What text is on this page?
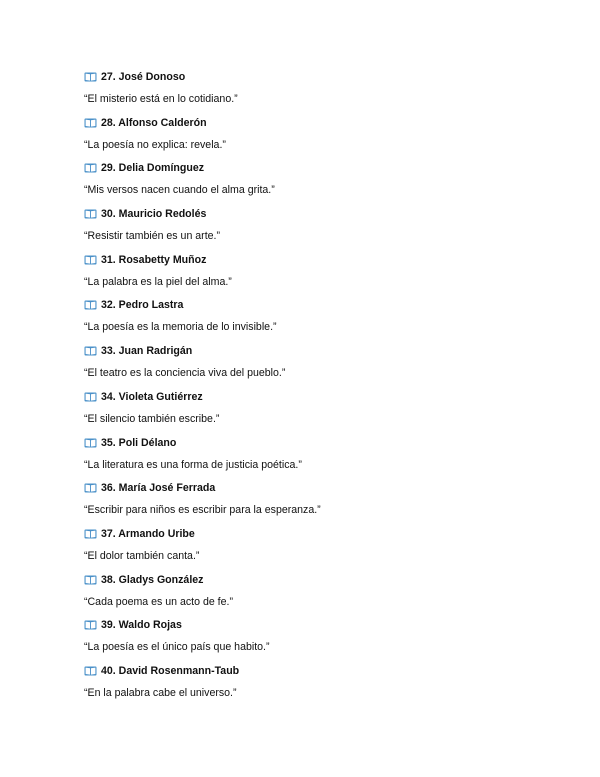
27. José Donoso
“El misterio está en lo cotidiano.”
28. Alfonso Calderón
“La poesía no explica: revela.”
29. Delia Domínguez
“Mis versos nacen cuando el alma grita.”
30. Mauricio Redolés
“Resistir también es un arte.”
31. Rosabetty Muñoz
“La palabra es la piel del alma.”
32. Pedro Lastra
“La poesía es la memoria de lo invisible.”
33. Juan Radrigán
“El teatro es la conciencia viva del pueblo.”
34. Violeta Gutiérrez
“El silencio también escribe.”
35. Poli Délano
“La literatura es una forma de justicia poética.”
36. María José Ferrada
“Escribir para niños es escribir para la esperanza.”
37. Armando Uribe
“El dolor también canta.”
38. Gladys González
“Cada poema es un acto de fe.”
39. Waldo Rojas
“La poesía es el único país que habito.”
40. David Rosenmann-Taub
“En la palabra cabe el universo.”
